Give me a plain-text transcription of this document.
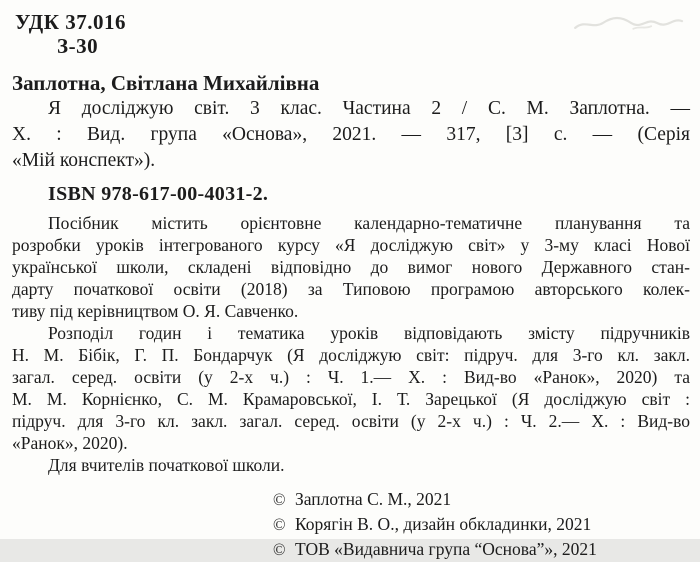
УДК 37.016
З-30
Заплотна, Світлана Михайлівна
Я досліджую світ. 3 клас. Частина 2 / С. М. Заплотна. —
Х. : Вид. група «Основа», 2021. — 317, [3] с. — (Серія
«Мій конспект»).
ISBN 978-617-00-4031-2.
Посібник містить орієнтовне календарно-тематичне планування та
розробки уроків інтегрованого курсу «Я досліджую світ» у 3-му класі Нової
української школи, складені відповідно до вимог нового Державного стан-
дарту початкової освіти (2018) за Типовою програмою авторського колек-
тиву під керівництвом О. Я. Савченко.
Розподіл годин і тематика уроків відповідають змісту підручників
Н. М. Бібік, Г. П. Бондарчук (Я досліджую світ: підруч. для 3-го кл. закл.
загал. серед. освіти (у 2-х ч.) : Ч. 1.— Х. : Вид-во «Ранок», 2020) та
М. М. Корнієнко, С. М. Крамаровської, І. Т. Зарецької (Я досліджую світ :
підруч. для 3-го кл. закл. загал. серед. освіти (у 2-х ч.) : Ч. 2.— Х. : Вид-во
«Ранок», 2020).
Для вчителів початкової школи.
© Заплотна С. М., 2021
© Корягін В. О., дизайн обкладинки, 2021
© ТОВ «Видавнича група “Основа”», 2021
